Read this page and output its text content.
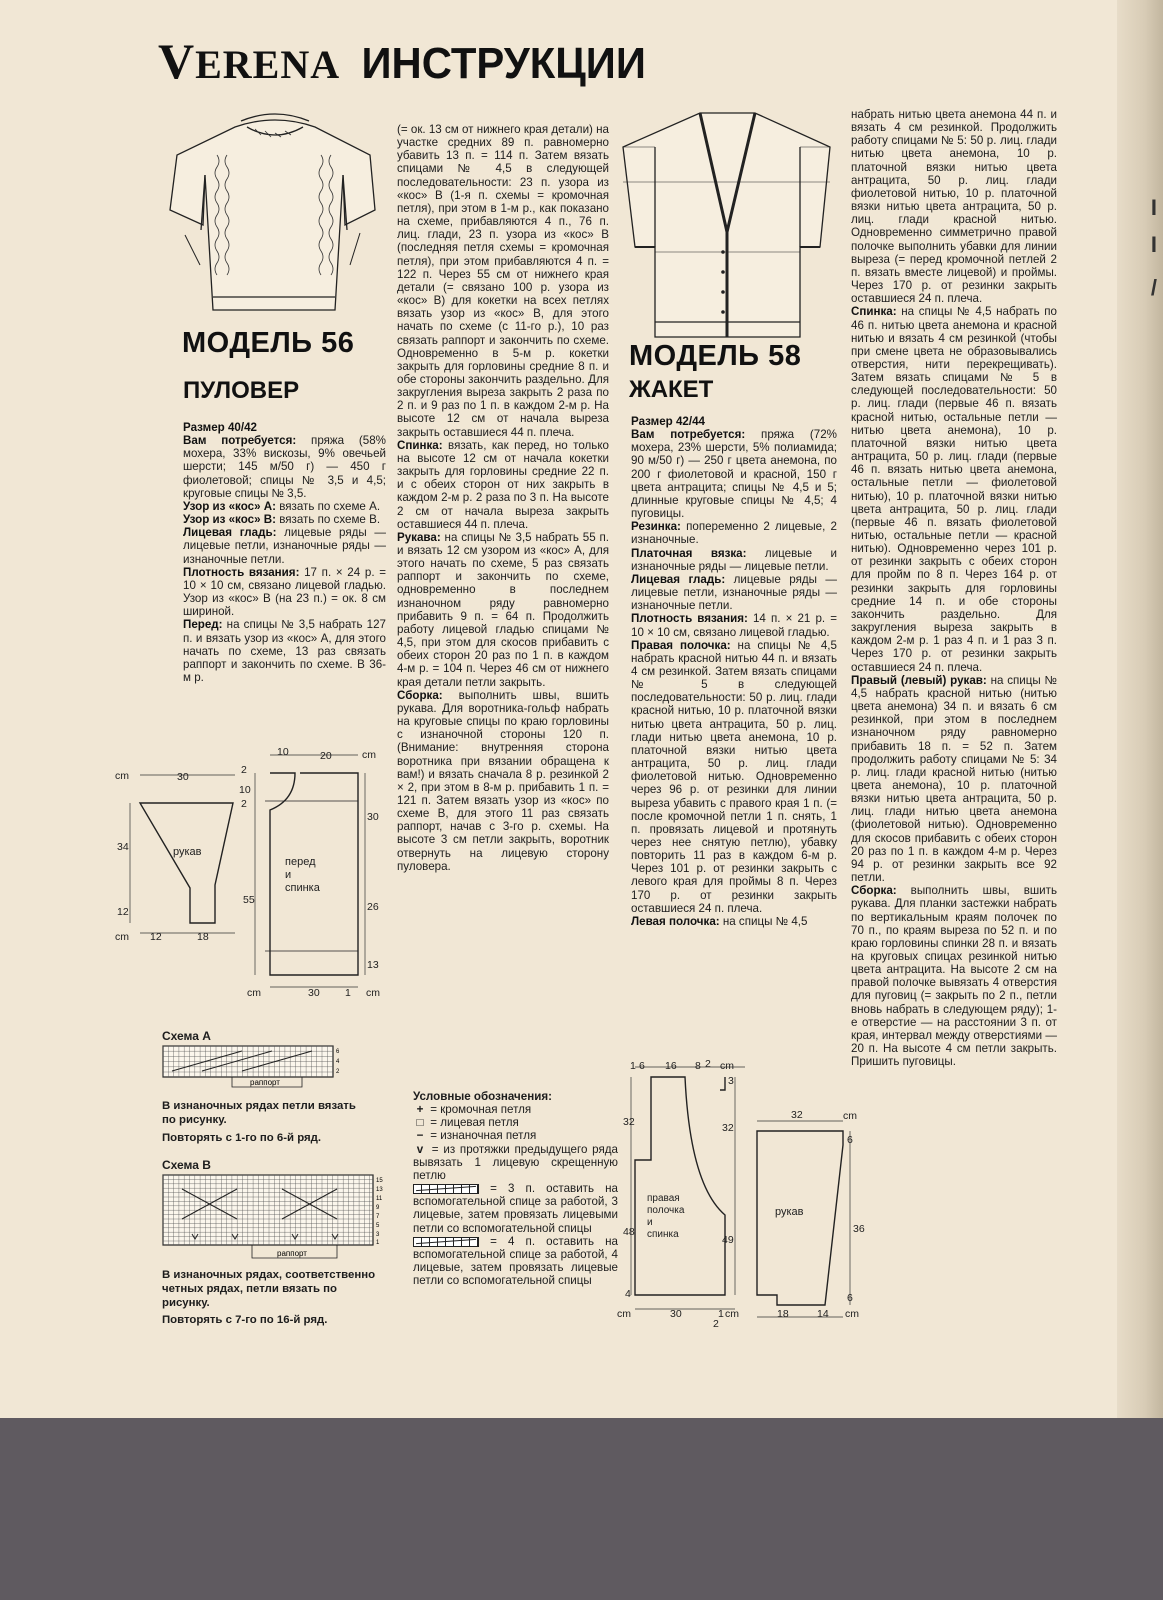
I
I
/
VERENA ИНСТРУКЦИИ
МОДЕЛЬ 56
ПУЛОВЕР

Размер 40/42

Вам потребуется: пряжа (58% мохера, 33% вискозы, 9% овечьей шерсти; 145 м/50 г) — 450 г фиолетовой; спицы № 3,5 и 4,5; круговые спицы № 3,5.

Узор из «кос» А: вязать по схеме А.

Узор из «кос» В: вязать по схеме В.

Лицевая гладь: лицевые ряды — лицевые петли, изнаночные ряды — изнаночные петли.

Плотность вязания: 17 п. × 24 р. = 10 × 10 см, связано лицевой гладью. Узор из «кос» В (на 23 п.) = ок. 8 см шириной.

Перед: на спицы № 3,5 набрать 127 п. и вязать узор из «кос» А, для этого начать по схеме, 13 раз связать раппорт и закончить по схеме. В 36-м р.

(= ок. 13 см от нижнего края детали) на участке средних 89 п. равномерно убавить 13 п. = 114 п. Затем вязать спицами № 4,5 в следующей последовательности: 23 п. узора из «кос» В (1-я п. схемы = кромочная петля), при этом в 1-м р., как показано на схеме, прибавляются 4 п., 76 п. лиц. глади, 23 п. узора из «кос» В (последняя петля схемы = кромочная петля), при этом прибавляются 4 п. = 122 п. Через 55 см от нижнего края детали (= связано 100 р. узора из «кос» В) для кокетки на всех петлях вязать узор из «кос» В, для этого начать по схеме (с 11-го р.), 10 раз связать раппорт и закончить по схеме. Одновременно в 5-м р. кокетки закрыть для горловины средние 8 п. и обе стороны закончить раздельно. Для закругления выреза закрыть 2 раза по 2 п. и 9 раз по 1 п. в каждом 2-м р. На высоте 12 см от начала выреза закрыть оставшиеся 44 п. плеча.

Спинка: вязать, как перед, но только на высоте 12 см от начала кокетки закрыть для горловины средние 22 п. и с обеих сторон от них закрыть в каждом 2-м р. 2 раза по 3 п. На высоте 2 см от начала выреза закрыть оставшиеся 44 п. плеча.

Рукава: на спицы № 3,5 набрать 55 п. и вязать 12 см узором из «кос» А, для этого начать по схеме, 5 раз связать раппорт и закончить по схеме, одновременно в последнем изнаночном ряду равномерно прибавить 9 п. = 64 п. Продолжить работу лицевой гладью спицами № 4,5, при этом для скосов прибавить с обеих сторон 20 раз по 1 п. в каждом 4-м р. = 104 п. Через 46 см от нижнего края детали петли закрыть.

Сборка: выполнить швы, вшить рукава. Для воротника-гольф набрать на круговые спицы по краю горловины с изнаночной стороны 120 п. (Внимание: внутренняя сторона воротника при вязании обращена к вам!) и вязать сначала 8 р. резинкой 2 × 2, при этом в 8-м р. прибавить 1 п. = 121 п. Затем вязать узор из «кос» по схеме В, для этого 11 раз связать раппорт, начав с 3-го р. схемы. На высоте 3 см петли закрыть, воротник отвернуть на лицевую сторону пуловера.

cm
cm
cm
cm	cm
30
34
12
12	18
10	20
2
10
2
30
55
26
13
30 1
рукав
перед
и
спинка
Схема А
раппорт
6
4
2
В изнаночных рядах петли вязать по рисунку.
Повторять с 1-го по 6-й ряд.
Схема В
раппорт
15
13
11
9
7
5
3
1
В изнаночных рядах, соответственно четных рядах, петли вязать по рисунку.
Повторять с 7-го по 16-й ряд.
Условные обозначения:

+ = кромочная петля

□ = лицевая петля

− = изнаночная петля

v = из протяжки предыдущего ряда вывязать 1 лицевую скрещенную петлю

= 3 п. оставить на вспомогательной спице за работой, 3 лицевые, затем провязать лицевыми петли со вспомогательной спицы

= 4 п. оставить на вспомогательной спице за работой, 4 лицевые, затем провязать лицевые петли со вспомогательной спицы

МОДЕЛЬ 58
ЖАКЕТ

Размер 42/44

Вам потребуется: пряжа (72% мохера, 23% шерсти, 5% полиамида; 90 м/50 г) — 250 г цвета анемона, по 200 г фиолетовой и красной, 150 г цвета антрацита; спицы № 4,5 и 5; длинные круговые спицы № 4,5; 4 пуговицы.

Резинка: попеременно 2 лицевые, 2 изнаночные.

Платочная вязка: лицевые и изнаночные ряды — лицевые петли.

Лицевая гладь: лицевые ряды — лицевые петли, изнаночные ряды — изнаночные петли.

Плотность вязания: 14 п. × 21 р. = 10 × 10 см, связано лицевой гладью.

Правая полочка: на спицы № 4,5 набрать красной нитью 44 п. и вязать 4 см резинкой. Затем вязать спицами № 5 в следующей последовательности: 50 р. лиц. глади красной нитью, 10 р. платочной вязки нитью цвета антрацита, 50 р. лиц. глади нитью цвета анемона, 10 р. платочной вязки нитью цвета антрацита, 50 р. лиц. глади фиолетовой нитью. Одновременно через 96 р. от резинки для линии выреза убавить с правого края 1 п. (= после кромочной петли 1 п. снять, 1 п. провязать лицевой и протянуть через нее снятую петлю), убавку повторить 11 раз в каждом 6-м р. Через 101 р. от резинки закрыть с левого края для проймы 8 п. Через 170 р. от резинки закрыть оставшиеся 24 п. плеча.

Левая полочка: на спицы № 4,5

набрать нитью цвета анемона 44 п. и вязать 4 см резинкой. Продолжить работу спицами № 5: 50 р. лиц. глади нитью цвета анемона, 10 р. платочной вязки нитью цвета антрацита, 50 р. лиц. глади фиолетовой нитью, 10 р. платочной вязки нитью цвета антрацита, 50 р. лиц. глади красной нитью. Одновременно симметрично правой полочке выполнить убавки для линии выреза (= перед кромочной петлей 2 п. вязать вместе лицевой) и проймы. Через 170 р. от резинки закрыть оставшиеся 24 п. плеча.

Спинка: на спицы № 4,5 набрать по 46 п. нитью цвета анемона и красной нитью и вязать 4 см резинкой (чтобы при смене цвета не образовывались отверстия, нити перекрещивать). Затем вязать спицами № 5 в следующей последовательности: 50 р. лиц. глади (первые 46 п. вязать красной нитью, остальные петли — нитью цвета анемона), 10 р. платочной вязки нитью цвета антрацита, 50 р. лиц. глади (первые 46 п. вязать нитью цвета анемона, остальные петли — фиолетовой нитью), 10 р. платочной вязки нитью цвета антрацита, 50 р. лиц. глади (первые 46 п. вязать фиолетовой нитью, остальные петли — красной нитью). Одновременно через 101 р. от резинки закрыть с обеих сторон для пройм по 8 п. Через 164 р. от резинки закрыть для горловины средние 14 п. и обе стороны закончить раздельно. Для закругления выреза закрыть в каждом 2-м р. 1 раз 4 п. и 1 раз 3 п. Через 170 р. от резинки закрыть оставшиеся 24 п. плеча.

Правый (левый) рукав: на спицы № 4,5 набрать красной нитью (нитью цвета анемона) 34 п. и вязать 6 см резинкой, при этом в последнем изнаночном ряду равномерно прибавить 18 п. = 52 п. Затем продолжить работу спицами № 5: 34 р. лиц. глади красной нитью (нитью цвета анемона), 10 р. платочной вязки нитью цвета антрацита, 50 р. лиц. глади нитью цвета анемона (фиолетовой нитью). Одновременно для скосов прибавить с обеих сторон 20 раз по 1 п. в каждом 4-м р. Через 94 р. от резинки закрыть все 92 петли.

Сборка: выполнить швы, вшить рукава. Для планки застежки набрать по вертикальным краям полочек по 70 п., по краям выреза по 52 п. и по краю горловины спинки 28 п. и вязать на круговых спицах резинкой нитью цвета антрацита. На высоте 2 см на правой полочке вывязать 4 отверстия для пуговиц (= закрыть по 2 п., петли вновь набрать в следующем ряду); 1-е отверстие — на расстоянии 3 п. от края, интервал между отверстиями — 20 п. На высоте 4 см петли закрыть. Пришить пуговицы.

1 6 16 8 2 cm
3
32	32
48
49
4
cm	30	1 cm
2
32	cm
6
36
6
18	14 cm
правая
полочка
и
спинка
рукав
